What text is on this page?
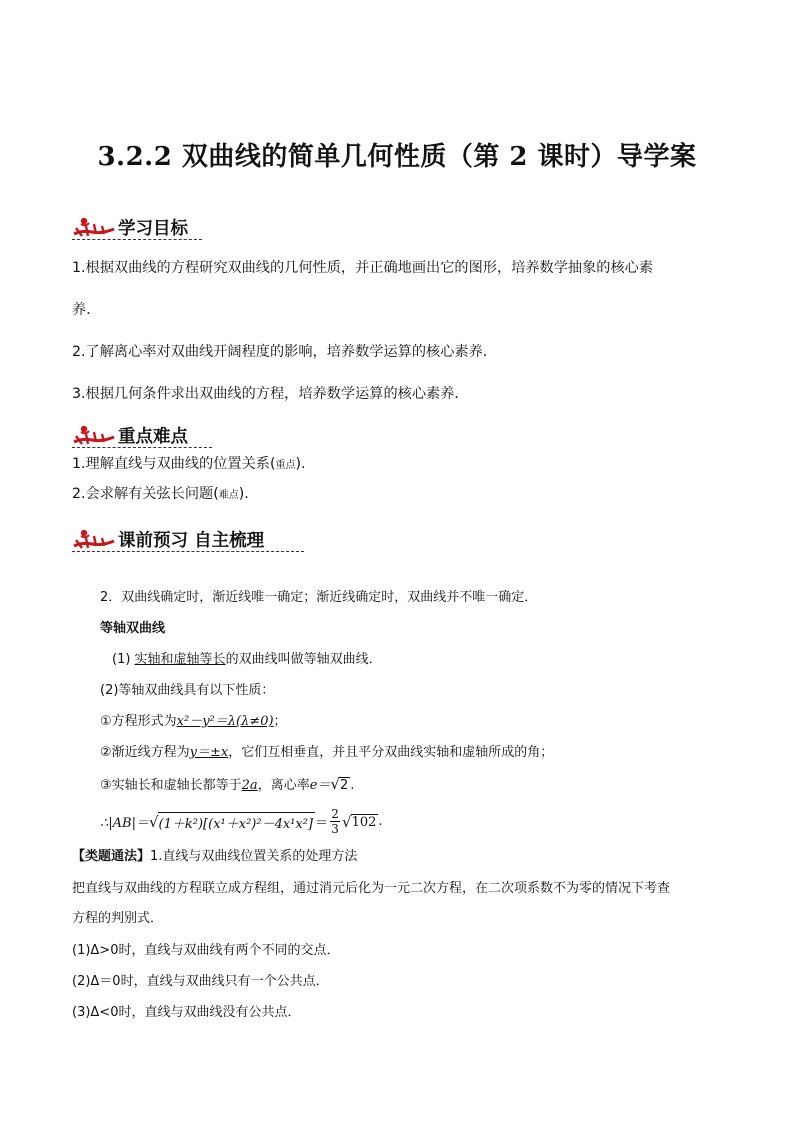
3.2.2 双曲线的简单几何性质（第 2 课时）导学案
学习目标
1.根据双曲线的方程研究双曲线的几何性质，并正确地画出它的图形，培养数学抽象的核心素
养．
2.了解离心率对双曲线开阔程度的影响，培养数学运算的核心素养．
3.根据几何条件求出双曲线的方程，培养数学运算的核心素养．
重点难点
1.理解直线与双曲线的位置关系(重点).
2.会求解有关弦长问题(难点).
课前预习 自主梳理
2．双曲线确定时，渐近线唯一确定；渐近线确定时，双曲线并不唯一确定．
等轴双曲线
(1) 实轴和虚轴等长的双曲线叫做等轴双曲线．
(2)等轴双曲线具有以下性质：
①方程形式为x²－y²＝λ(λ≠0)；
②渐近线方程为y＝±x，它们互相垂直，并且平分双曲线实轴和虚轴所成的角；
③实轴长和虚轴长都等于2a，离心率e＝√2 .
∴|AB|＝ √ $(1+k^2)[(x^1+x^2)^2-4x^1x^2] = \frac{2}{3}$ √ 102 .
【类题通法】1.直线与双曲线位置关系的处理方法
把直线与双曲线的方程联立成方程组，通过消元后化为一元二次方程，在二次项系数不为零的情况下考查
方程的判别式．
(1)Δ>0时，直线与双曲线有两个不同的交点．
(2)Δ＝0时，直线与双曲线只有一个公共点．
(3)Δ<0时，直线与双曲线没有公共点．
